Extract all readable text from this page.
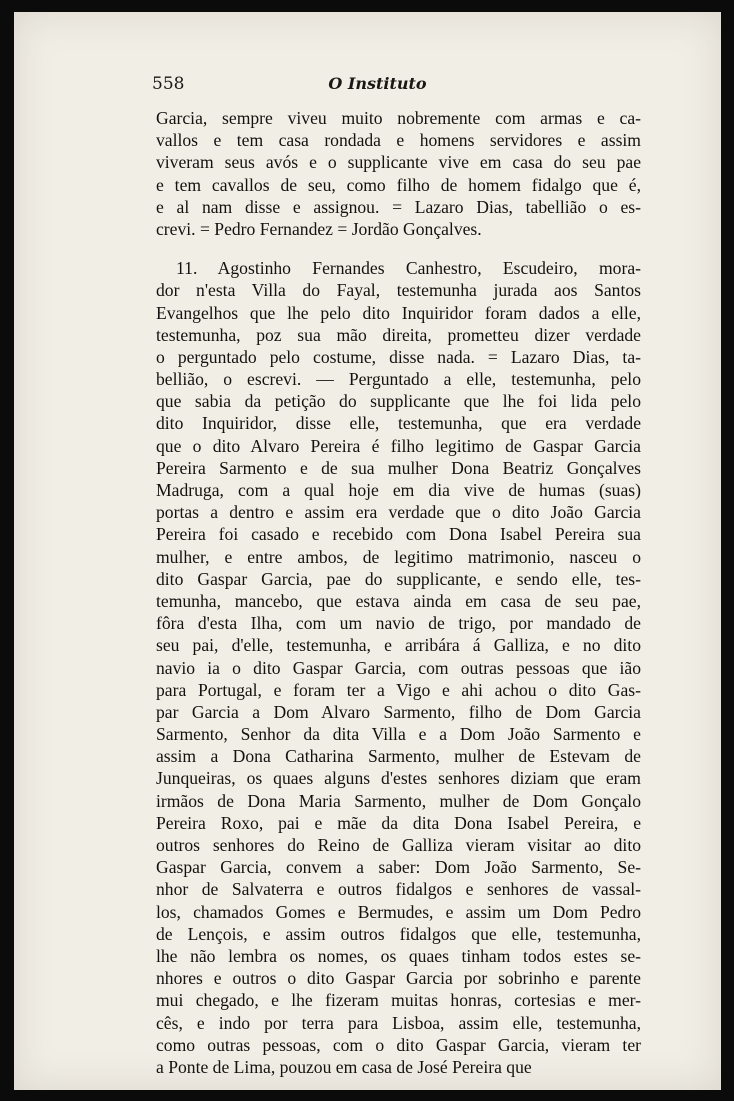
558	O Instituto
Garcia, sempre viveu muito nobremente com armas e ca-
vallos e tem casa rondada e homens servidores e assim
viveram seus avós e o supplicante vive em casa do seu pae
e tem cavallos de seu, como filho de homem fidalgo que é,
e al nam disse e assignou. = Lazaro Dias, tabellião o es-
crevi. = Pedro Fernandez = Jordão Gonçalves.
11. Agostinho Fernandes Canhestro, Escudeiro, mora-
dor n'esta Villa do Fayal, testemunha jurada aos Santos
Evangelhos que lhe pelo dito Inquiridor foram dados a elle,
testemunha, poz sua mão direita, prometteu dizer verdade
o perguntado pelo costume, disse nada. = Lazaro Dias, ta-
bellião, o escrevi. — Perguntado a elle, testemunha, pelo
que sabia da petição do supplicante que lhe foi lida pelo
dito Inquiridor, disse elle, testemunha, que era verdade
que o dito Alvaro Pereira é filho legitimo de Gaspar Garcia
Pereira Sarmento e de sua mulher Dona Beatriz Gonçalves
Madruga, com a qual hoje em dia vive de humas (suas)
portas a dentro e assim era verdade que o dito João Garcia
Pereira foi casado e recebido com Dona Isabel Pereira sua
mulher, e entre ambos, de legitimo matrimonio, nasceu o
dito Gaspar Garcia, pae do supplicante, e sendo elle, tes-
temunha, mancebo, que estava ainda em casa de seu pae,
fôra d'esta Ilha, com um navio de trigo, por mandado de
seu pai, d'elle, testemunha, e arribára á Galliza, e no dito
navio ia o dito Gaspar Garcia, com outras pessoas que ião
para Portugal, e foram ter a Vigo e ahi achou o dito Gas-
par Garcia a Dom Alvaro Sarmento, filho de Dom Garcia
Sarmento, Senhor da dita Villa e a Dom João Sarmento e
assim a Dona Catharina Sarmento, mulher de Estevam de
Junqueiras, os quaes alguns d'estes senhores diziam que eram
irmãos de Dona Maria Sarmento, mulher de Dom Gonçalo
Pereira Roxo, pai e mãe da dita Dona Isabel Pereira, e
outros senhores do Reino de Galliza vieram visitar ao dito
Gaspar Garcia, convem a saber: Dom João Sarmento, Se-
nhor de Salvaterra e outros fidalgos e senhores de vassal-
los, chamados Gomes e Bermudes, e assim um Dom Pedro
de Lençois, e assim outros fidalgos que elle, testemunha,
lhe não lembra os nomes, os quaes tinham todos estes se-
nhores e outros o dito Gaspar Garcia por sobrinho e parente
mui chegado, e lhe fizeram muitas honras, cortesias e mer-
cês, e indo por terra para Lisboa, assim elle, testemunha,
como outras pessoas, com o dito Gaspar Garcia, vieram ter
a Ponte de Lima, pouzou em casa de José Pereira que
